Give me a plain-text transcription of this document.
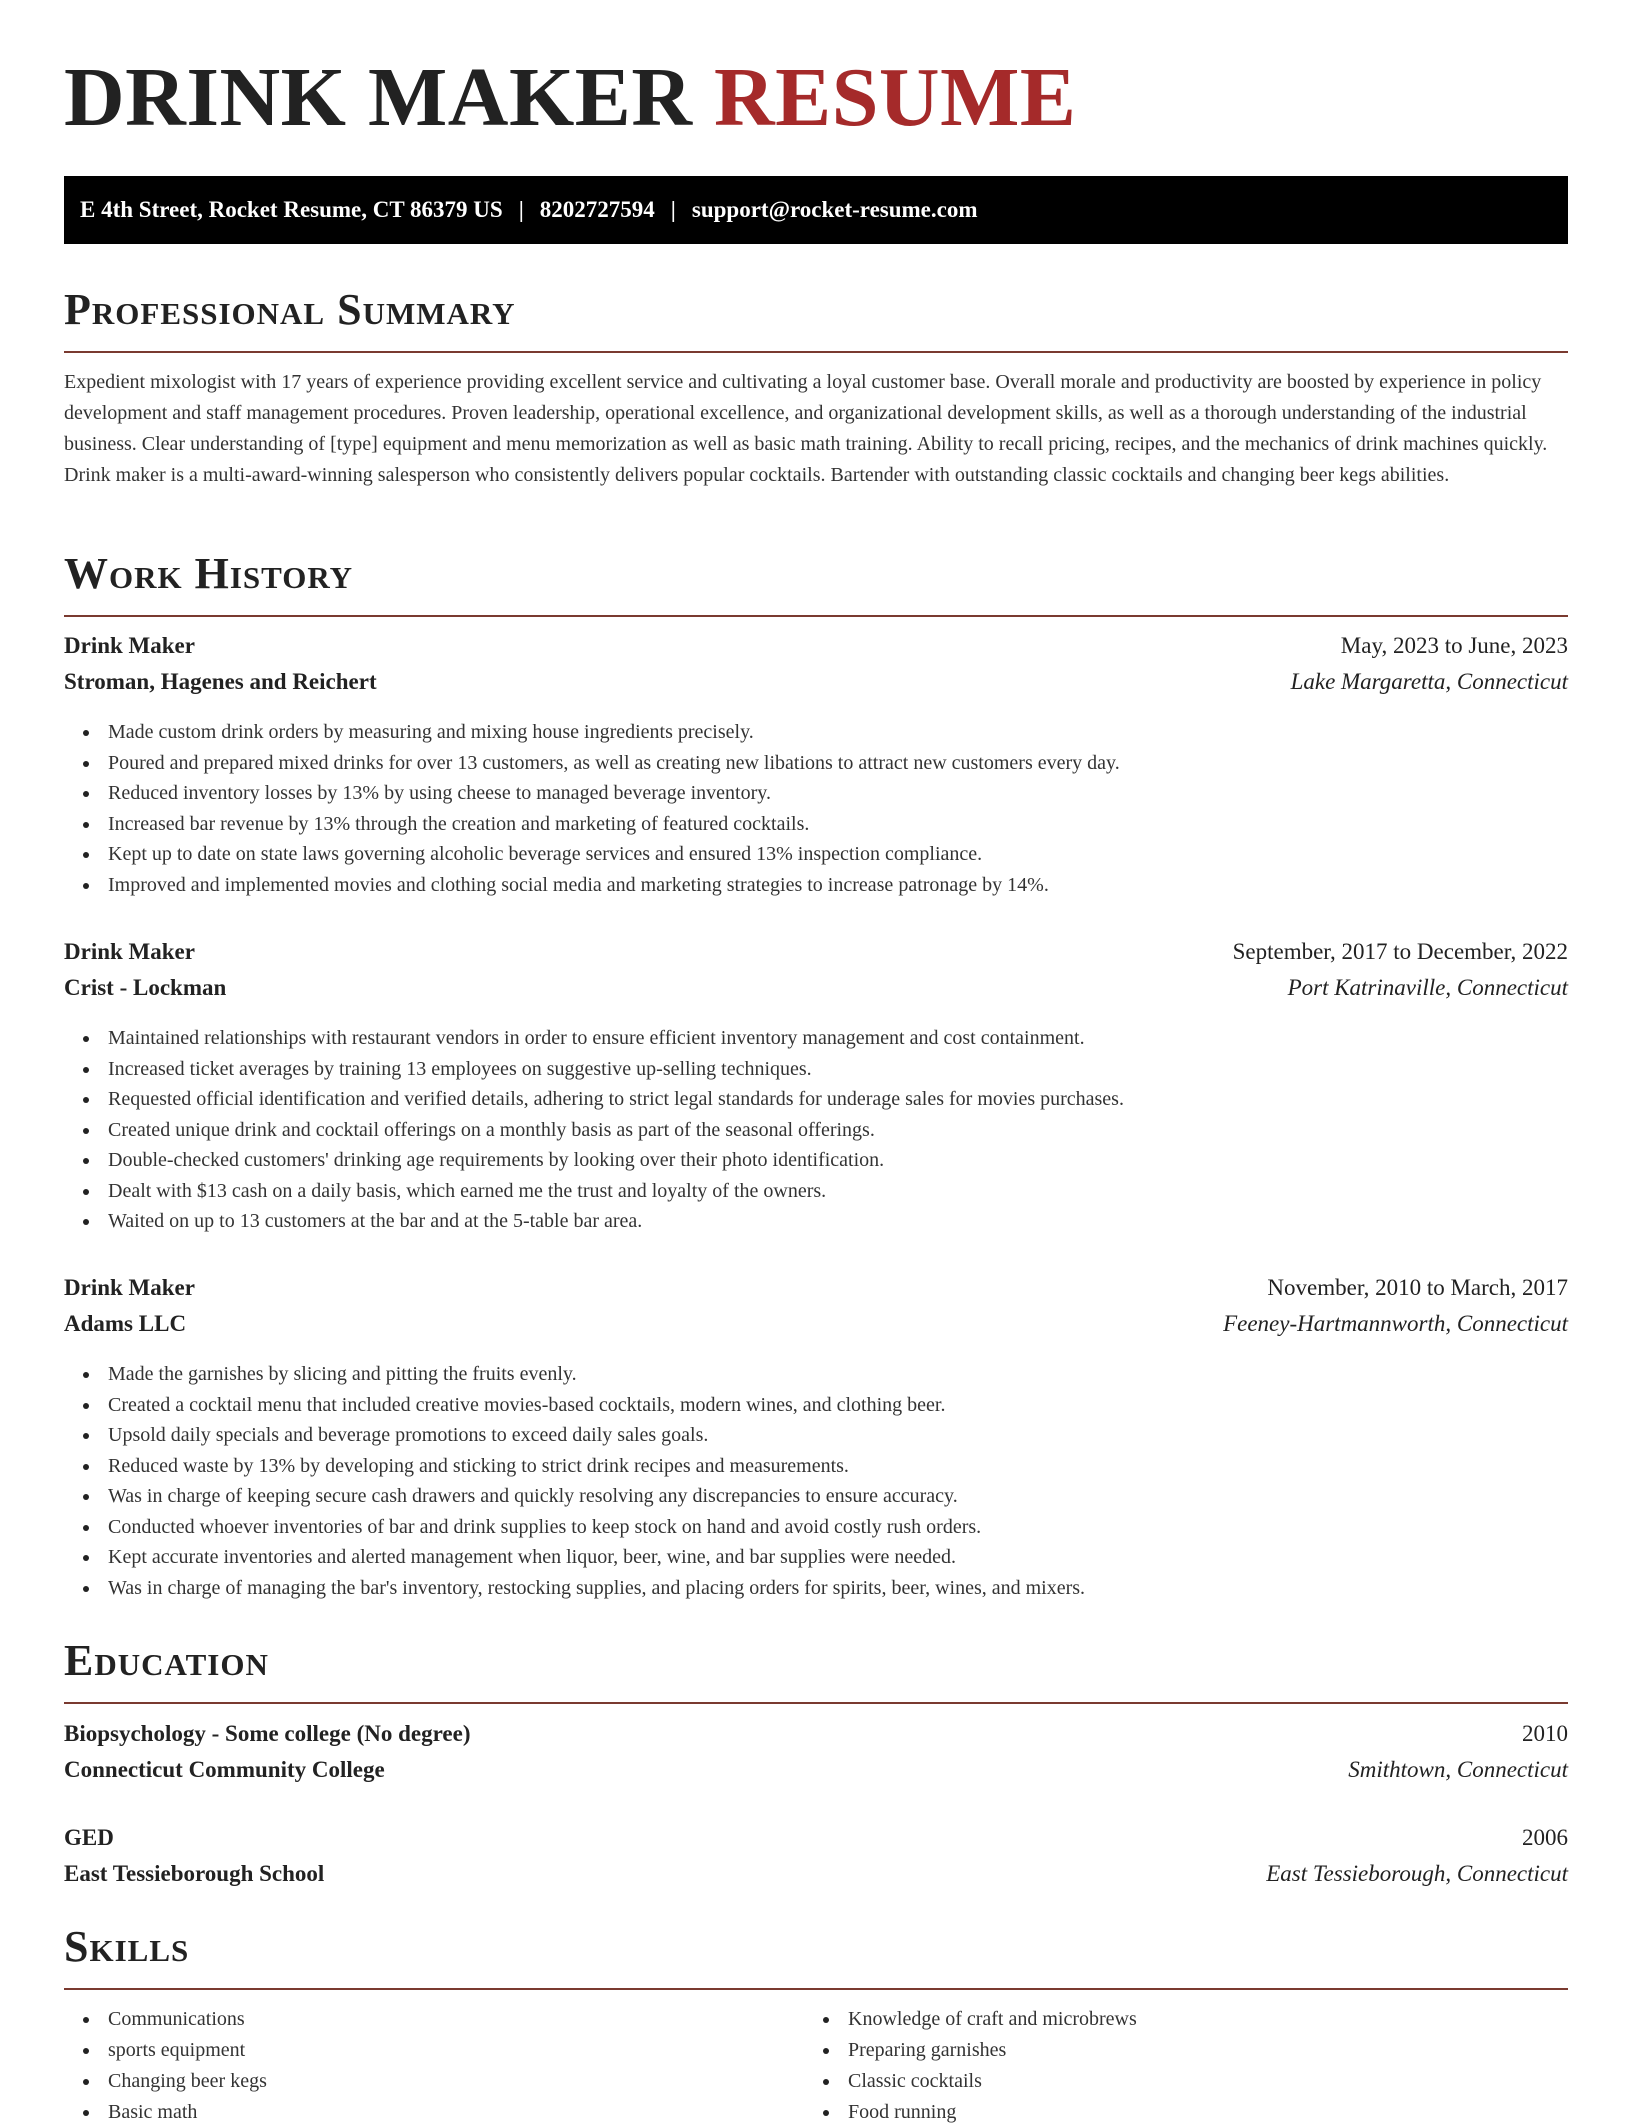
DRINK MAKER RESUME
E 4th Street, Rocket Resume, CT 86379 US | 8202727594 | support@rocket-resume.com
Professional Summary

Expedient mixologist with 17 years of experience providing excellent service and cultivating a loyal customer base. Overall morale and productivity are boosted by experience in policy development and staff management procedures. Proven leadership, operational excellence, and organizational development skills, as well as a thorough understanding of the industrial business. Clear understanding of [type] equipment and menu memorization as well as basic math training. Ability to recall pricing, recipes, and the mechanics of drink machines quickly. Drink maker is a multi-award-winning salesperson who consistently delivers popular cocktails. Bartender with outstanding classic cocktails and changing beer kegs abilities.

Work History
Drink Maker	May, 2023 to June, 2023
Stroman, Hagenes and Reichert	Lake Margaretta, Connecticut
Made custom drink orders by measuring and mixing house ingredients precisely.
Poured and prepared mixed drinks for over 13 customers, as well as creating new libations to attract new customers every day.
Reduced inventory losses by 13% by using cheese to managed beverage inventory.
Increased bar revenue by 13% through the creation and marketing of featured cocktails.
Kept up to date on state laws governing alcoholic beverage services and ensured 13% inspection compliance.
Improved and implemented movies and clothing social media and marketing strategies to increase patronage by 14%.
Drink Maker	September, 2017 to December, 2022
Crist - Lockman	Port Katrinaville, Connecticut
Maintained relationships with restaurant vendors in order to ensure efficient inventory management and cost containment.
Increased ticket averages by training 13 employees on suggestive up-selling techniques.
Requested official identification and verified details, adhering to strict legal standards for underage sales for movies purchases.
Created unique drink and cocktail offerings on a monthly basis as part of the seasonal offerings.
Double-checked customers' drinking age requirements by looking over their photo identification.
Dealt with $13 cash on a daily basis, which earned me the trust and loyalty of the owners.
Waited on up to 13 customers at the bar and at the 5-table bar area.
Drink Maker	November, 2010 to March, 2017
Adams LLC	Feeney-Hartmannworth, Connecticut
Made the garnishes by slicing and pitting the fruits evenly.
Created a cocktail menu that included creative movies-based cocktails, modern wines, and clothing beer.
Upsold daily specials and beverage promotions to exceed daily sales goals.
Reduced waste by 13% by developing and sticking to strict drink recipes and measurements.
Was in charge of keeping secure cash drawers and quickly resolving any discrepancies to ensure accuracy.
Conducted whoever inventories of bar and drink supplies to keep stock on hand and avoid costly rush orders.
Kept accurate inventories and alerted management when liquor, beer, wine, and bar supplies were needed.
Was in charge of managing the bar's inventory, restocking supplies, and placing orders for spirits, beer, wines, and mixers.
Education
Biopsychology - Some college (No degree)	2010
Connecticut Community College	Smithtown, Connecticut
GED	2006
East Tessieborough School	East Tessieborough, Connecticut
Skills
Communications
sports equipment
Changing beer kegs
Basic math
Knowledge of craft and microbrews
Preparing garnishes
Classic cocktails
Food running
